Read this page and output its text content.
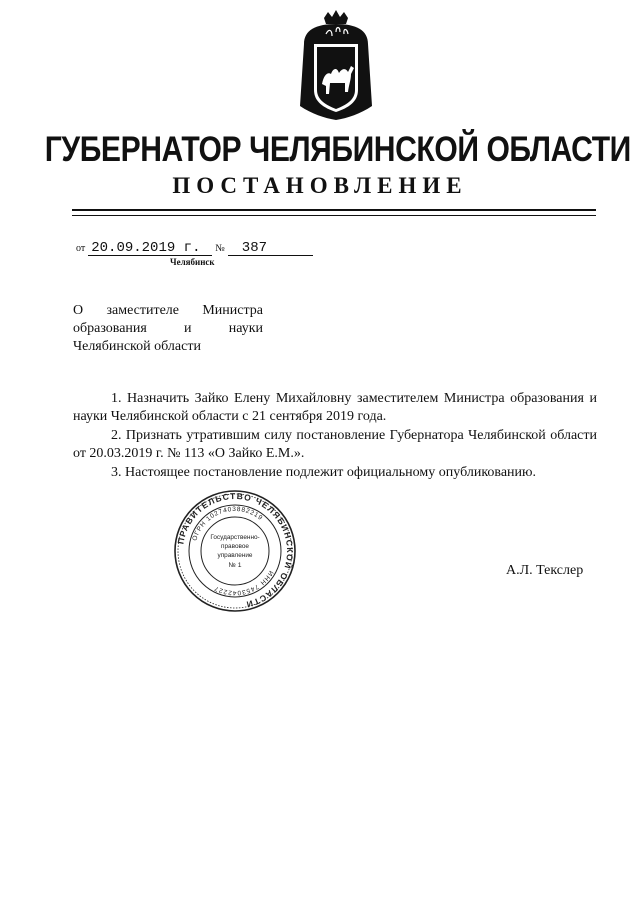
ГУБЕРНАТОР ЧЕЛЯБИНСКОЙ ОБЛАСТИ
ПОСТАНОВЛЕНИЕ
от 20.09.2019 г. № 387
Челябинск
О заместителе Министра
образования и науки
Челябинской области

1. Назначить Зайко Елену Михайловну заместителем Министра образования и науки Челябинской области с 21 сентября 2019 года.

2. Признать утратившим силу постановление Губернатора Челябинской области от 20.03.2019 г. № 113 «О Зайко Е.М.».

3. Настоящее постановление подлежит официальному опубликованию.

ПРАВИТЕЛЬСТВО ЧЕЛЯБИНСКОЙ ОБЛАСТИ
ОГРН 1027403882219
ИНН 7453042227
Государственно-
правовое
управление
№ 1	А.Л. Текслер
